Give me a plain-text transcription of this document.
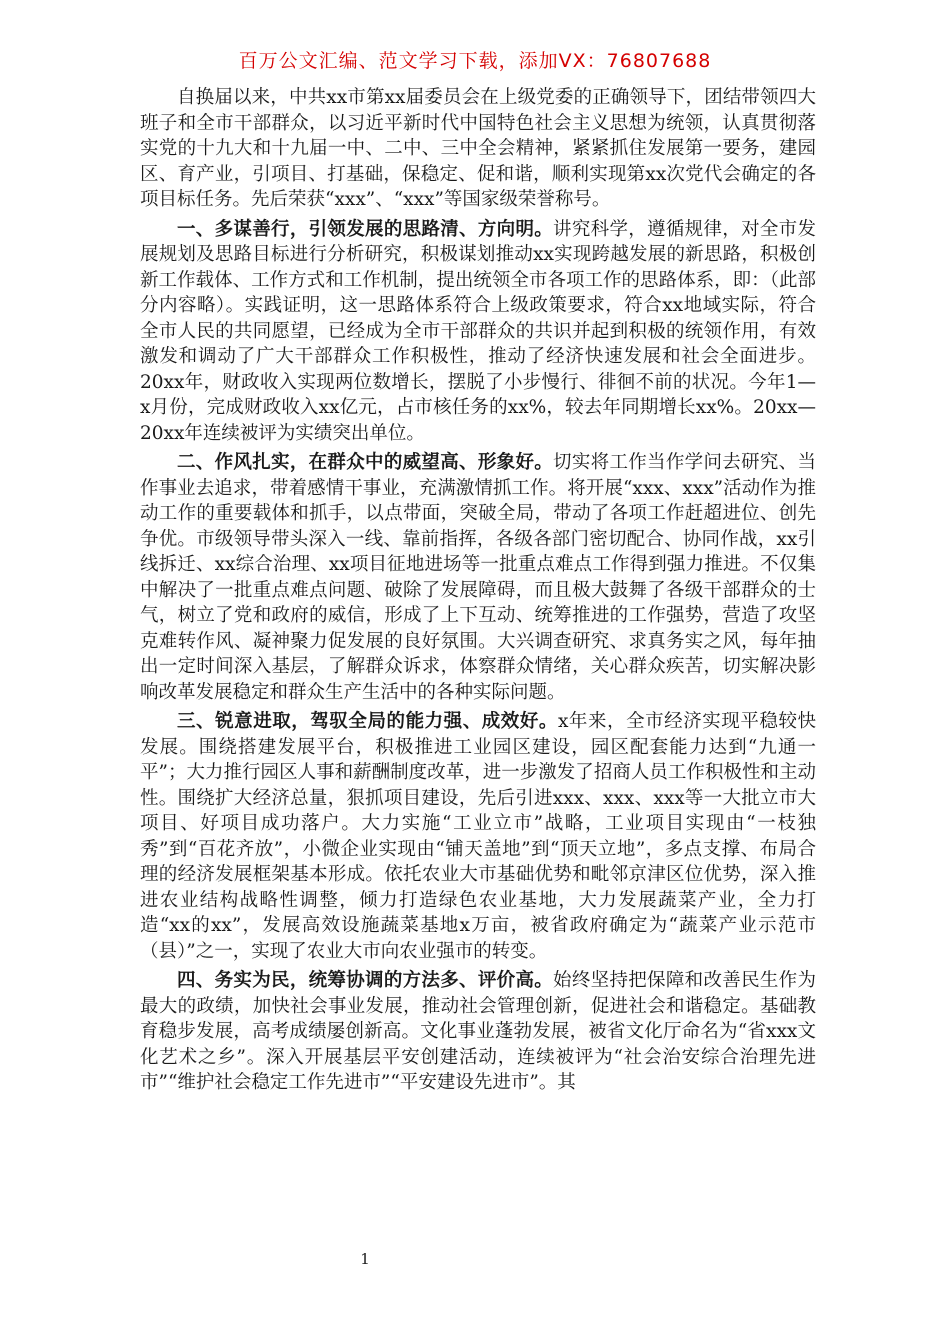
百万公文汇编、范文学习下载，添加VX：76807688

自换届以来，中共xx市第xx届委员会在上级党委的正确领导下，团结带领四大班子和全市干部群众，以习近平新时代中国特色社会主义思想为统领，认真贯彻落实党的十九大和十九届一中、二中、三中全会精神，紧紧抓住发展第一要务，建园区、育产业，引项目、打基础，保稳定、促和谐，顺利实现第xx次党代会确定的各项目标任务。先后荣获“xxx”、“xxx”等国家级荣誉称号。

一、多谋善行，引领发展的思路清、方向明。讲究科学，遵循规律，对全市发展规划及思路目标进行分析研究，积极谋划推动xx实现跨越发展的新思路，积极创新工作载体、工作方式和工作机制，提出统领全市各项工作的思路体系，即：（此部分内容略）。实践证明，这一思路体系符合上级政策要求，符合xx地域实际，符合全市人民的共同愿望，已经成为全市干部群众的共识并起到积极的统领作用，有效激发和调动了广大干部群众工作积极性，推动了经济快速发展和社会全面进步。20xx年，财政收入实现两位数增长，摆脱了小步慢行、徘徊不前的状况。今年1—x月份，完成财政收入xx亿元，占市核任务的xx%，较去年同期增长xx%。20xx—20xx年连续被评为实绩突出单位。

二、作风扎实，在群众中的威望高、形象好。切实将工作当作学问去研究、当作事业去追求，带着感情干事业，充满激情抓工作。将开展“xxx、xxx”活动作为推动工作的重要载体和抓手，以点带面，突破全局，带动了各项工作赶超进位、创先争优。市级领导带头深入一线、靠前指挥，各级各部门密切配合、协同作战，xx引线拆迁、xx综合治理、xx项目征地进场等一批重点难点工作得到强力推进。不仅集中解决了一批重点难点问题、破除了发展障碍，而且极大鼓舞了各级干部群众的士气，树立了党和政府的威信，形成了上下互动、统筹推进的工作强势，营造了攻坚克难转作风、凝神聚力促发展的良好氛围。大兴调查研究、求真务实之风，每年抽出一定时间深入基层，了解群众诉求，体察群众情绪，关心群众疾苦，切实解决影响改革发展稳定和群众生产生活中的各种实际问题。

三、锐意进取，驾驭全局的能力强、成效好。x年来，全市经济实现平稳较快发展。围绕搭建发展平台，积极推进工业园区建设，园区配套能力达到“九通一平”；大力推行园区人事和薪酬制度改革，进一步激发了招商人员工作积极性和主动性。围绕扩大经济总量，狠抓项目建设，先后引进xxx、xxx、xxx等一大批立市大项目、好项目成功落户。大力实施“工业立市”战略，工业项目实现由“一枝独秀”到“百花齐放”，小微企业实现由“铺天盖地”到“顶天立地”，多点支撑、布局合理的经济发展框架基本形成。依托农业大市基础优势和毗邻京津区位优势，深入推进农业结构战略性调整，倾力打造绿色农业基地，大力发展蔬菜产业，全力打造“xx的xx”，发展高效设施蔬菜基地x万亩，被省政府确定为“蔬菜产业示范市（县）”之一，实现了农业大市向农业强市的转变。

四、务实为民，统筹协调的方法多、评价高。始终坚持把保障和改善民生作为最大的政绩，加快社会事业发展，推动社会管理创新，促进社会和谐稳定。基础教育稳步发展，高考成绩屡创新高。文化事业蓬勃发展，被省文化厅命名为“省xxx文化艺术之乡”。深入开展基层平安创建活动，连续被评为“社会治安综合治理先进市”“维护社会稳定工作先进市”“平安建设先进市”。其

1
